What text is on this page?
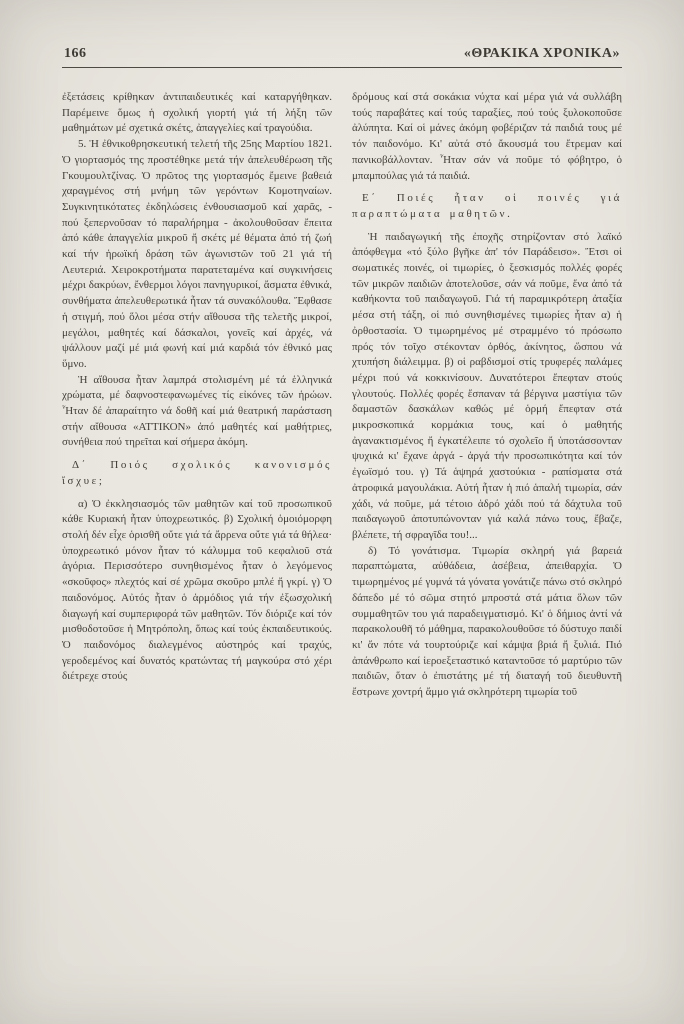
166	«ΘΡΑΚΙΚΑ ΧΡΟΝΙΚΑ»

ἐξετάσεις κρίθηκαν ἀντιπαιδευτικές καί καταργήθηκαν. Παρέμεινε ὅμως ἡ σχολική γιορτή γιά τή λήξη τῶν μαθημάτων μέ σχετικά σκέτς, ἀπαγγελίες καί τραγούδια.

5. Ἡ ἐθνικοθρησκευτική τελετή τῆς 25ης Μαρτίου 1821. Ὁ γιορτασμός της προστέθηκε μετά τήν ἀπελευθέρωση τῆς Γκουμουλτζίνας. Ὁ πρῶτος της γιορτασμός ἔμεινε βαθειά χαραγμένος στή μνήμη τῶν γερόντων Κομοτηναίων. Συγκινητικότατες ἐκδηλώσεις ἐνθουσιασμοῦ καί χαρᾶς, - πού ξεπερνοῦσαν τό παραλήρημα - ἀκολουθοῦσαν ἔπειτα ἀπό κάθε ἀπαγγελία μικροῦ ἤ σκέτς μέ θέματα ἀπό τή ζωή καί τήν ἡρωϊκή δράση τῶν ἀγωνιστῶν τοῦ 21 γιά τή Λευτεριά. Χειροκροτήματα παρατεταμένα καί συγκινήσεις μέχρι δακρύων, ἔνθερμοι λόγοι πανηγυρικοί, ἄσματα ἐθνικά, συνθήματα ἀπελευθερωτικά ἦταν τά συνακόλουθα. Ἔφθασε ἡ στιγμή, πού ὅλοι μέσα στήν αἴθουσα τῆς τελετῆς μικροί, μεγάλοι, μαθητές καί δάσκαλοι, γονεῖς καί ἀρχές, νά ψάλλουν μαζί μέ μιά φωνή καί μιά καρδιά τόν ἐθνικό μας ὕμνο.

Ἡ αἴθουσα ἦταν λαμπρά στολισμένη μέ τά ἑλληνικά χρώματα, μέ δαφνοστεφανωμένες τίς εἰκόνες τῶν ἡρώων. Ἦταν δέ ἀπαραίτητο νά δοθῆ καί μιά θεατρική παράσταση στήν αἴθουσα «ΑΤΤΙΚΟΝ» ἀπό μαθητές καί μαθήτριες, συνήθεια πού τηρεῖται καί σήμερα ἀκόμη.

Δ΄ Ποιός σχολικός κανονισμός ἴσχυε;

α) Ὁ ἐκκλησιασμός τῶν μαθητῶν καί τοῦ προσωπικοῦ κάθε Κυριακή ἦταν ὑποχρεωτικός. β) Σχολική ὁμοιόμορφη στολή δέν εἶχε ὁρισθῆ οὔτε γιά τά ἄρρενα οὔτε γιά τά θήλεα· ὑποχρεωτικό μόνον ἦταν τό κάλυμμα τοῦ κεφαλιοῦ στά ἀγόρια. Περισσότερο συνηθισμένος ἦταν ὁ λεγόμενος «σκοῦφος» πλεχτός καί σέ χρῶμα σκοῦρο μπλέ ἤ γκρί. γ) Ὁ παιδονόμος. Αὐτός ἦταν ὁ ἁρμόδιος γιά τήν ἐξωσχολική διαγωγή καί συμπεριφορά τῶν μαθητῶν. Τόν διόριζε καί τόν μισθοδοτοῦσε ἡ Μητρόπολη, ὅπως καί τούς ἐκπαιδευτικούς. Ὁ παιδονόμος διαλεγμένος αὐστηρός καί τραχύς, γεροδεμένος καί δυνατός κρατώντας τή μαγκούρα στό χέρι διέτρεχε στούς

δρόμους καί στά σοκάκια νύχτα καί μέρα γιά νά συλλάβη τούς παραβάτες καί τούς ταραξίες, πού τούς ξυλοκοποῦσε ἀλύπητα. Καί οἱ μάνες ἀκόμη φοβέριζαν τά παιδιά τους μέ τόν παιδονόμο. Κι' αὐτά στό ἄκουσμά του ἔτρεμαν καί πανικοβάλλονταν. Ἦταν σάν νά ποῦμε τό φόβητρο, ὁ μπαμπούλας γιά τά παιδιά.

Ε΄ Ποιές ἦταν οἱ ποινές γιά παραπτώματα μαθητῶν.

Ἡ παιδαγωγική τῆς ἐποχῆς στηρίζονταν στό λαϊκό ἀπόφθεγμα «τό ξύλο βγῆκε ἀπ' τόν Παράδεισο». Ἔτσι οἱ σωματικές ποινές, οἱ τιμωρίες, ὁ ξεσκισμός πολλές φορές τῶν μικρῶν παιδιῶν ἀποτελοῦσε, σάν νά ποῦμε, ἕνα ἀπό τά καθήκοντα τοῦ παιδαγωγοῦ. Γιά τή παραμικρότερη ἀταξία μέσα στή τάξη, οἱ πιό συνηθισμένες τιμωρίες ἦταν α) ἡ ὀρθοστασία. Ὁ τιμωρημένος μέ στραμμένο τό πρόσωπο πρός τόν τοῖχο στέκονταν ὀρθός, ἀκίνητος, ὥσπου νά χτυπήση διάλειμμα. β) οἱ ραβδισμοί στίς τρυφερές παλάμες μέχρι πού νά κοκκινίσουν. Δυνατότεροι ἔπεφταν στούς γλουτούς. Πολλές φορές ἔσπαναν τά βέργινα μαστίγια τῶν δαμαστῶν δασκάλων καθώς μέ ὁρμή ἔπεφταν στά μικροσκοπικά κορμάκια τους, καί ὁ μαθητής ἀγανακτισμένος ἤ ἐγκατέλειπε τό σχολεῖο ἤ ὑποτάσσονταν ψυχικά κι' ἔχανε ἀργά - ἀργά τήν προσωπικότητα καί τόν ἐγωϊσμό του. γ) Τά ἁψηρά χαστούκια - ραπίσματα στά ἀτροφικά μαγουλάκια. Αὐτή ἦταν ἡ πιό ἁπαλή τιμωρία, σάν χάδι, νά ποῦμε, μά τέτοιο ἁδρό χάδι πού τά δάχτυλα τοῦ παιδαγωγοῦ ἀποτυπώνονταν γιά καλά πάνω τους, ἔβαζε, βλέπετε, τή σφραγῖδα του!...

δ) Τό γονάτισμα. Τιμωρία σκληρή γιά βαρειά παραπτώματα, αὐθάδεια, ἀσέβεια, ἀπειθαρχία. Ὁ τιμωρημένος μέ γυμνά τά γόνατα γονάτιζε πάνω στό σκληρό δάπεδο μέ τό σῶμα στητό μπροστά στά μάτια ὅλων τῶν συμμαθητῶν του γιά παραδειγματισμό. Κι' ὁ δήμιος ἀντί νά παρακολουθῆ τό μάθημα, παρακολουθοῦσε τό δύστυχο παιδί κι' ἄν πότε νά τουρτούριζε καί κάμψα βριά ἤ ξυλιά. Πιό ἀπάνθρωπο καί ἱεροεξεταστικό καταντοῦσε τό μαρτύριο τῶν παιδιῶν, ὅταν ὁ ἐπιστάτης μέ τή διαταγή τοῦ διευθυντῆ ἔστρωνε χοντρή ἄμμο γιά σκληρότερη τιμωρία τοῦ
